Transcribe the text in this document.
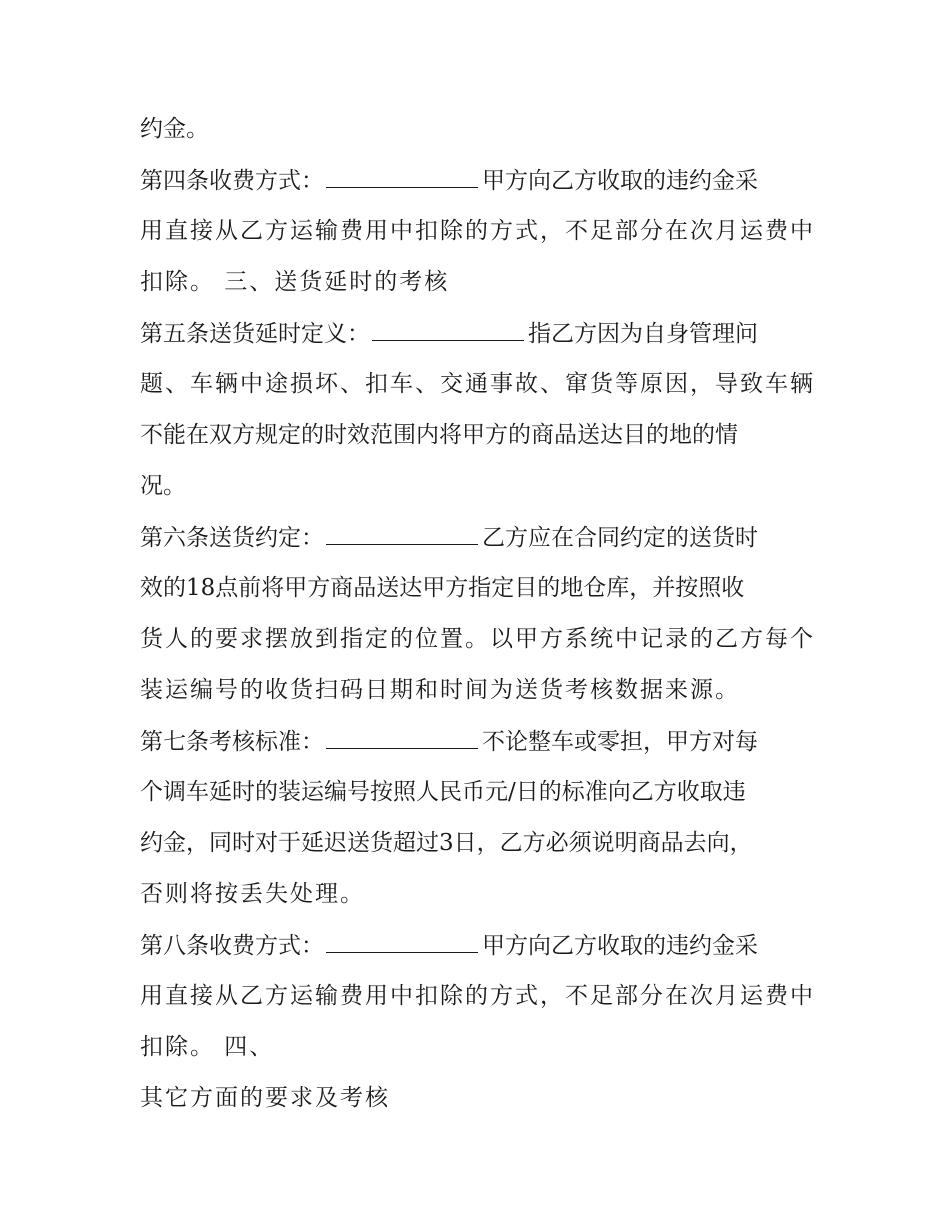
约金。
第四条收费方式：	甲方向乙方收取的违约金采
用直接从乙方运输费用中扣除的方式，不足部分在次月运费中
扣除。 三、送货延时的考核
第五条送货延时定义：	指乙方因为自身管理问
题、车辆中途损坏、扣车、交通事故、窜货等原因，导致车辆
不能在双方规定的时效范围内将甲方的商品送达目的地的情
况。
第六条送货约定：	乙方应在合同约定的送货时
效的18点前将甲方商品送达甲方指定目的地仓库，并按照收
货人的要求摆放到指定的位置。以甲方系统中记录的乙方每个
装运编号的收货扫码日期和时间为送货考核数据来源。
第七条考核标准：	不论整车或零担，甲方对每
个调车延时的装运编号按照人民币元/日的标准向乙方收取违
约金，同时对于延迟送货超过3日，乙方必须说明商品去向，
否则将按丢失处理。
第八条收费方式：	甲方向乙方收取的违约金采
用直接从乙方运输费用中扣除的方式，不足部分在次月运费中
扣除。 四、
其它方面的要求及考核
